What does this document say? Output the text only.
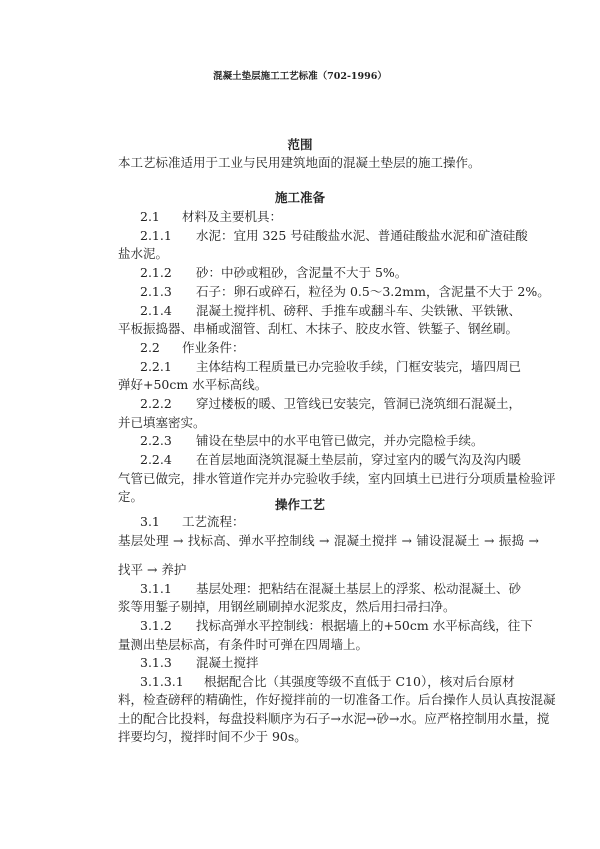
混凝土垫层施工工艺标准（702-1996）
范围
本工艺标准适用于工业与民用建筑地面的混凝土垫层的施工操作。
施工准备
2.1 材料及主要机具：
2.1.1 水泥：宜用 325 号硅酸盐水泥、普通硅酸盐水泥和矿渣硅酸
盐水泥。
2.1.2 砂：中砂或粗砂，含泥量不大于 5%。
2.1.3 石子：卵石或碎石，粒径为 0.5～3.2mm，含泥量不大于 2%。
2.1.4 混凝土搅拌机、磅秤、手推车或翻斗车、尖铁锹、平铁锹、
平板振捣器、串桶或溜管、刮杠、木抹子、胶皮水管、铁錾子、钢丝刷。
2.2 作业条件：
2.2.1 主体结构工程质量已办完验收手续，门框安装完，墙四周已
弹好+50cm 水平标高线。
2.2.2 穿过楼板的暖、卫管线已安装完，管洞已浇筑细石混凝土，
并已填塞密实。
2.2.3 铺设在垫层中的水平电管已做完，并办完隐检手续。
2.2.4 在首层地面浇筑混凝土垫层前，穿过室内的暖气沟及沟内暖
气管已做完，排水管道作完并办完验收手续，室内回填土已进行分项质量检验评
定。
操作工艺
3.1 工艺流程：
基层处理 → 找标高、弹水平控制线 → 混凝土搅拌 → 铺设混凝土 → 振捣 →
找平 → 养护
3.1.1 基层处理：把粘结在混凝土基层上的浮浆、松动混凝土、砂
浆等用錾子剔掉，用钢丝刷刷掉水泥浆皮，然后用扫帚扫净。
3.1.2 找标高弹水平控制线：根据墙上的+50cm 水平标高线，往下
量测出垫层标高，有条件时可弹在四周墙上。
3.1.3 混凝土搅拌
3.1.3.1 根据配合比（其强度等级不直低于 C10），核对后台原材
料，检查磅秤的精确性，作好搅拌前的一切准备工作。后台操作人员认真按混凝
土的配合比投料，每盘投料顺序为石子→水泥→砂→水。应严格控制用水量，搅
拌要均匀，搅拌时间不少于 90s。
